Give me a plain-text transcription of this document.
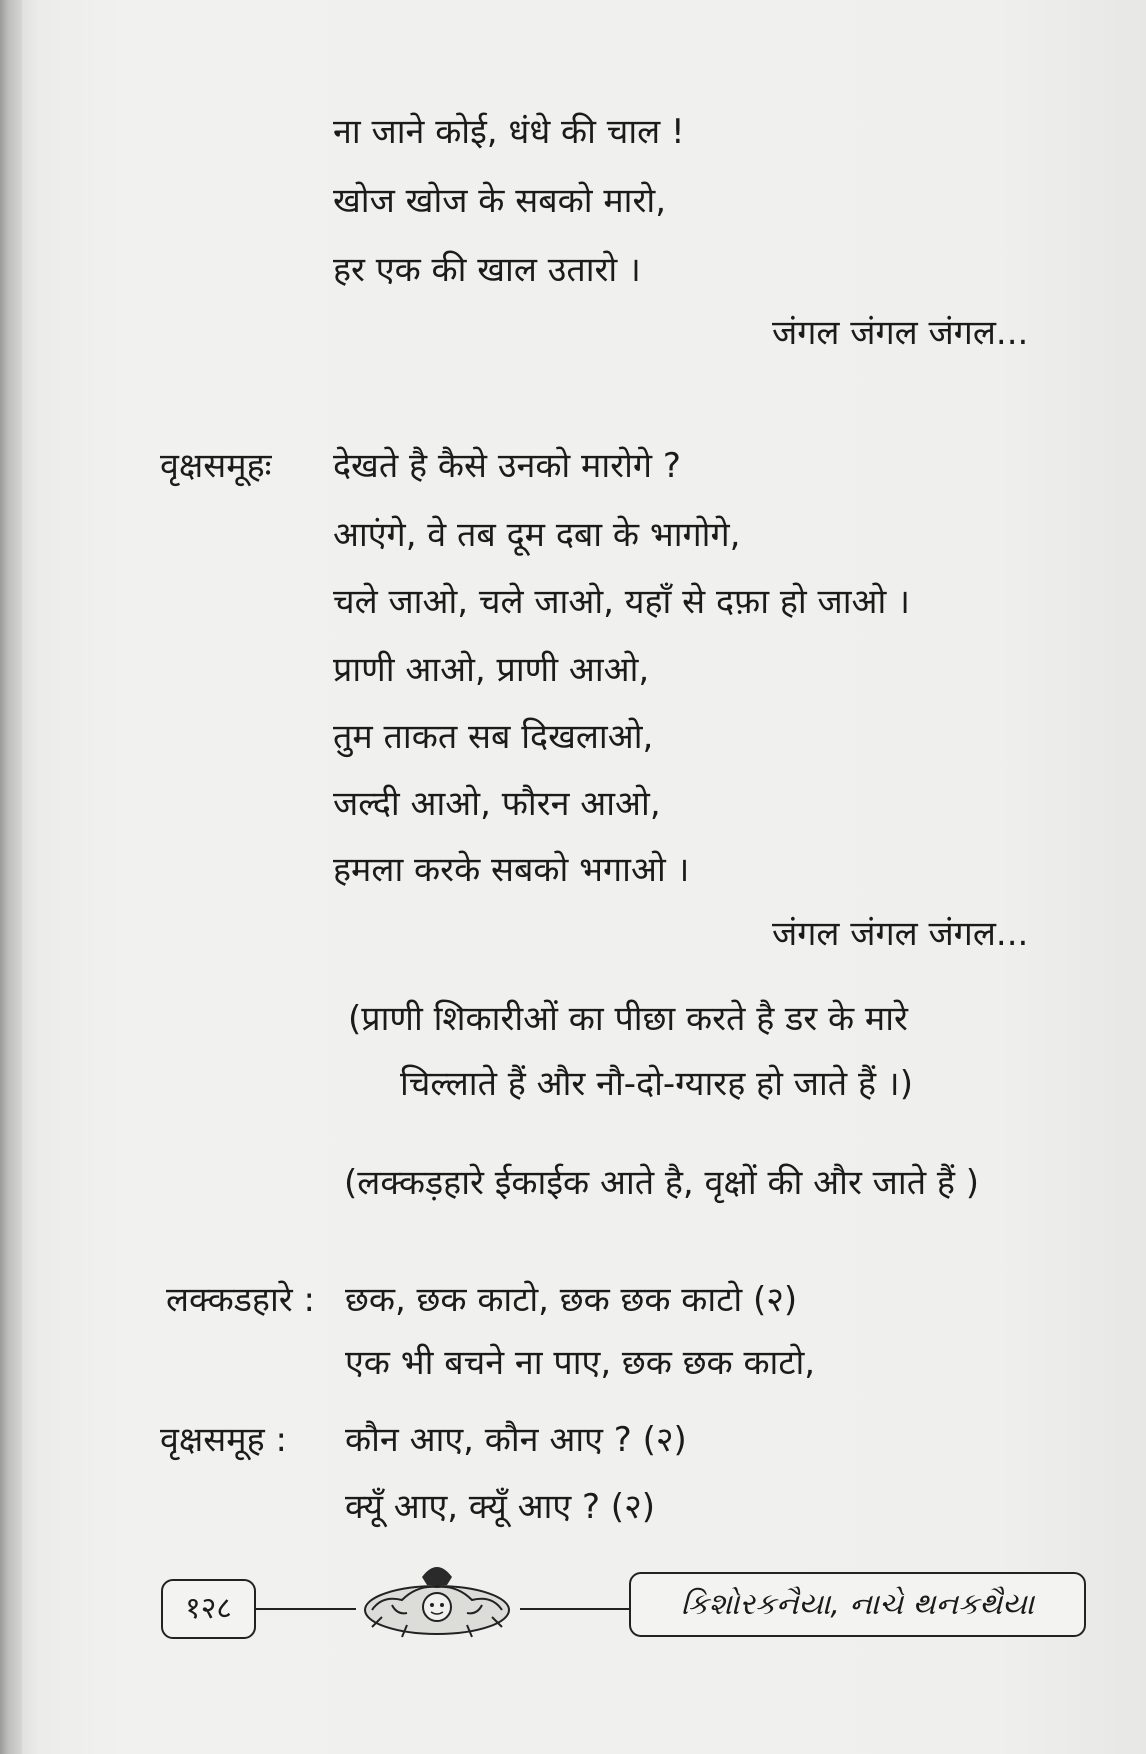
ना जाने कोई, धंधे की चाल !
खोज खोज के सबको मारो,
हर एक की खाल उतारो ।
जंगल जंगल जंगल...
वृक्षसमूहः देखते है कैसे उनको मारोगे ?
आएंगे, वे तब दूम दबा के भागोगे,
चले जाओ, चले जाओ, यहाँ से दफ़ा हो जाओ ।
प्राणी आओ, प्राणी आओ,
तुम ताकत सब दिखलाओ,
जल्दी आओ, फौरन आओ,
हमला करके सबको भगाओ ।
जंगल जंगल जंगल...
(प्राणी शिकारीओं का पीछा करते है डर के मारे
चिल्लाते हैं और नौ-दो-ग्यारह हो जाते हैं ।)
(लक्कड़हारे ईकाईक आते है, वृक्षों की और जाते हैं )
लक्कडहारे : छक, छक काटो, छक छक काटो (२)
एक भी बचने ना पाए, छक छक काटो,
वृक्षसमूह : कौन आए, कौन आए ? (२)
क्यूँ आए, क्यूँ आए ? (२)
१२८	કિશોરકનૈયા, નાચે થનકથૈયા
